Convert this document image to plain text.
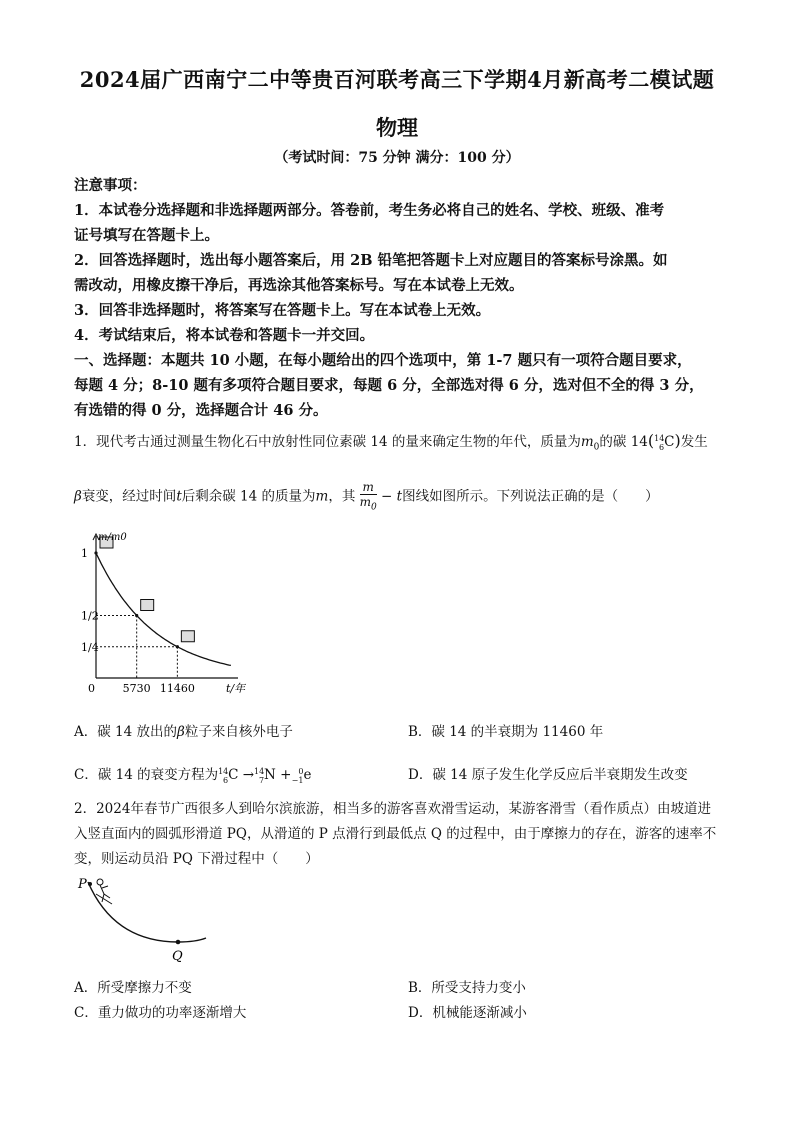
2024届广西南宁二中等贵百河联考高三下学期4月新高考二模试题
物理
（考试时间：75 分钟 满分：100 分）
注意事项：
1．本试卷分选择题和非选择题两部分。答卷前，考生务必将自己的姓名、学校、班级、准考
证号填写在答题卡上。
2．回答选择题时，选出每小题答案后，用 2B 铅笔把答题卡上对应题目的答案标号涂黑。如
需改动，用橡皮擦干净后，再选涂其他答案标号。写在本试卷上无效。
3．回答非选择题时，将答案写在答题卡上。写在本试卷上无效。
4．考试结束后，将本试卷和答题卡一并交回。
一、选择题：本题共 10 小题，在每小题给出的四个选项中，第 1-7 题只有一项符合题目要求，
每题 4 分；8-10 题有多项符合题目要求，每题 6 分，全部选对得 6 分，选对但不全的得 3 分，
有选错的得 0 分，选择题合计 46 分。
1．现代考古通过测量生物化石中放射性同位素碳 14 的量来确定生物的年代，质量为$m_0$的碳 14( 14
6 C)发生
β衰变，经过时间t后剩余碳 14 的质量为m，其 $\frac{m}{m_0} - t$图线如图所示。下列说法正确的是（　　）
1
1/2
1/4
0	5730 11460	t/年
m/m0
A．碳 14 放出的β粒子来自核外电子	B．碳 14 的半衰期为 11460 年
C．碳 14 的衰变方程为 14
6 C → 14
7 N + 0
−1 e	D．碳 14 原子发生化学反应后半衰期发生改变
2．2024年春节广西很多人到哈尔滨旅游，相当多的游客喜欢滑雪运动，某游客滑雪（看作质点）由坡道进
入竖直面内的圆弧形滑道 PQ，从滑道的 P 点滑行到最低点 Q 的过程中，由于摩擦力的存在，游客的速率不
变，则运动员沿 PQ 下滑过程中（　　）
P
Q
A．所受摩擦力不变	B．所受支持力变小
C．重力做功的功率逐渐增大	D．机械能逐渐减小
